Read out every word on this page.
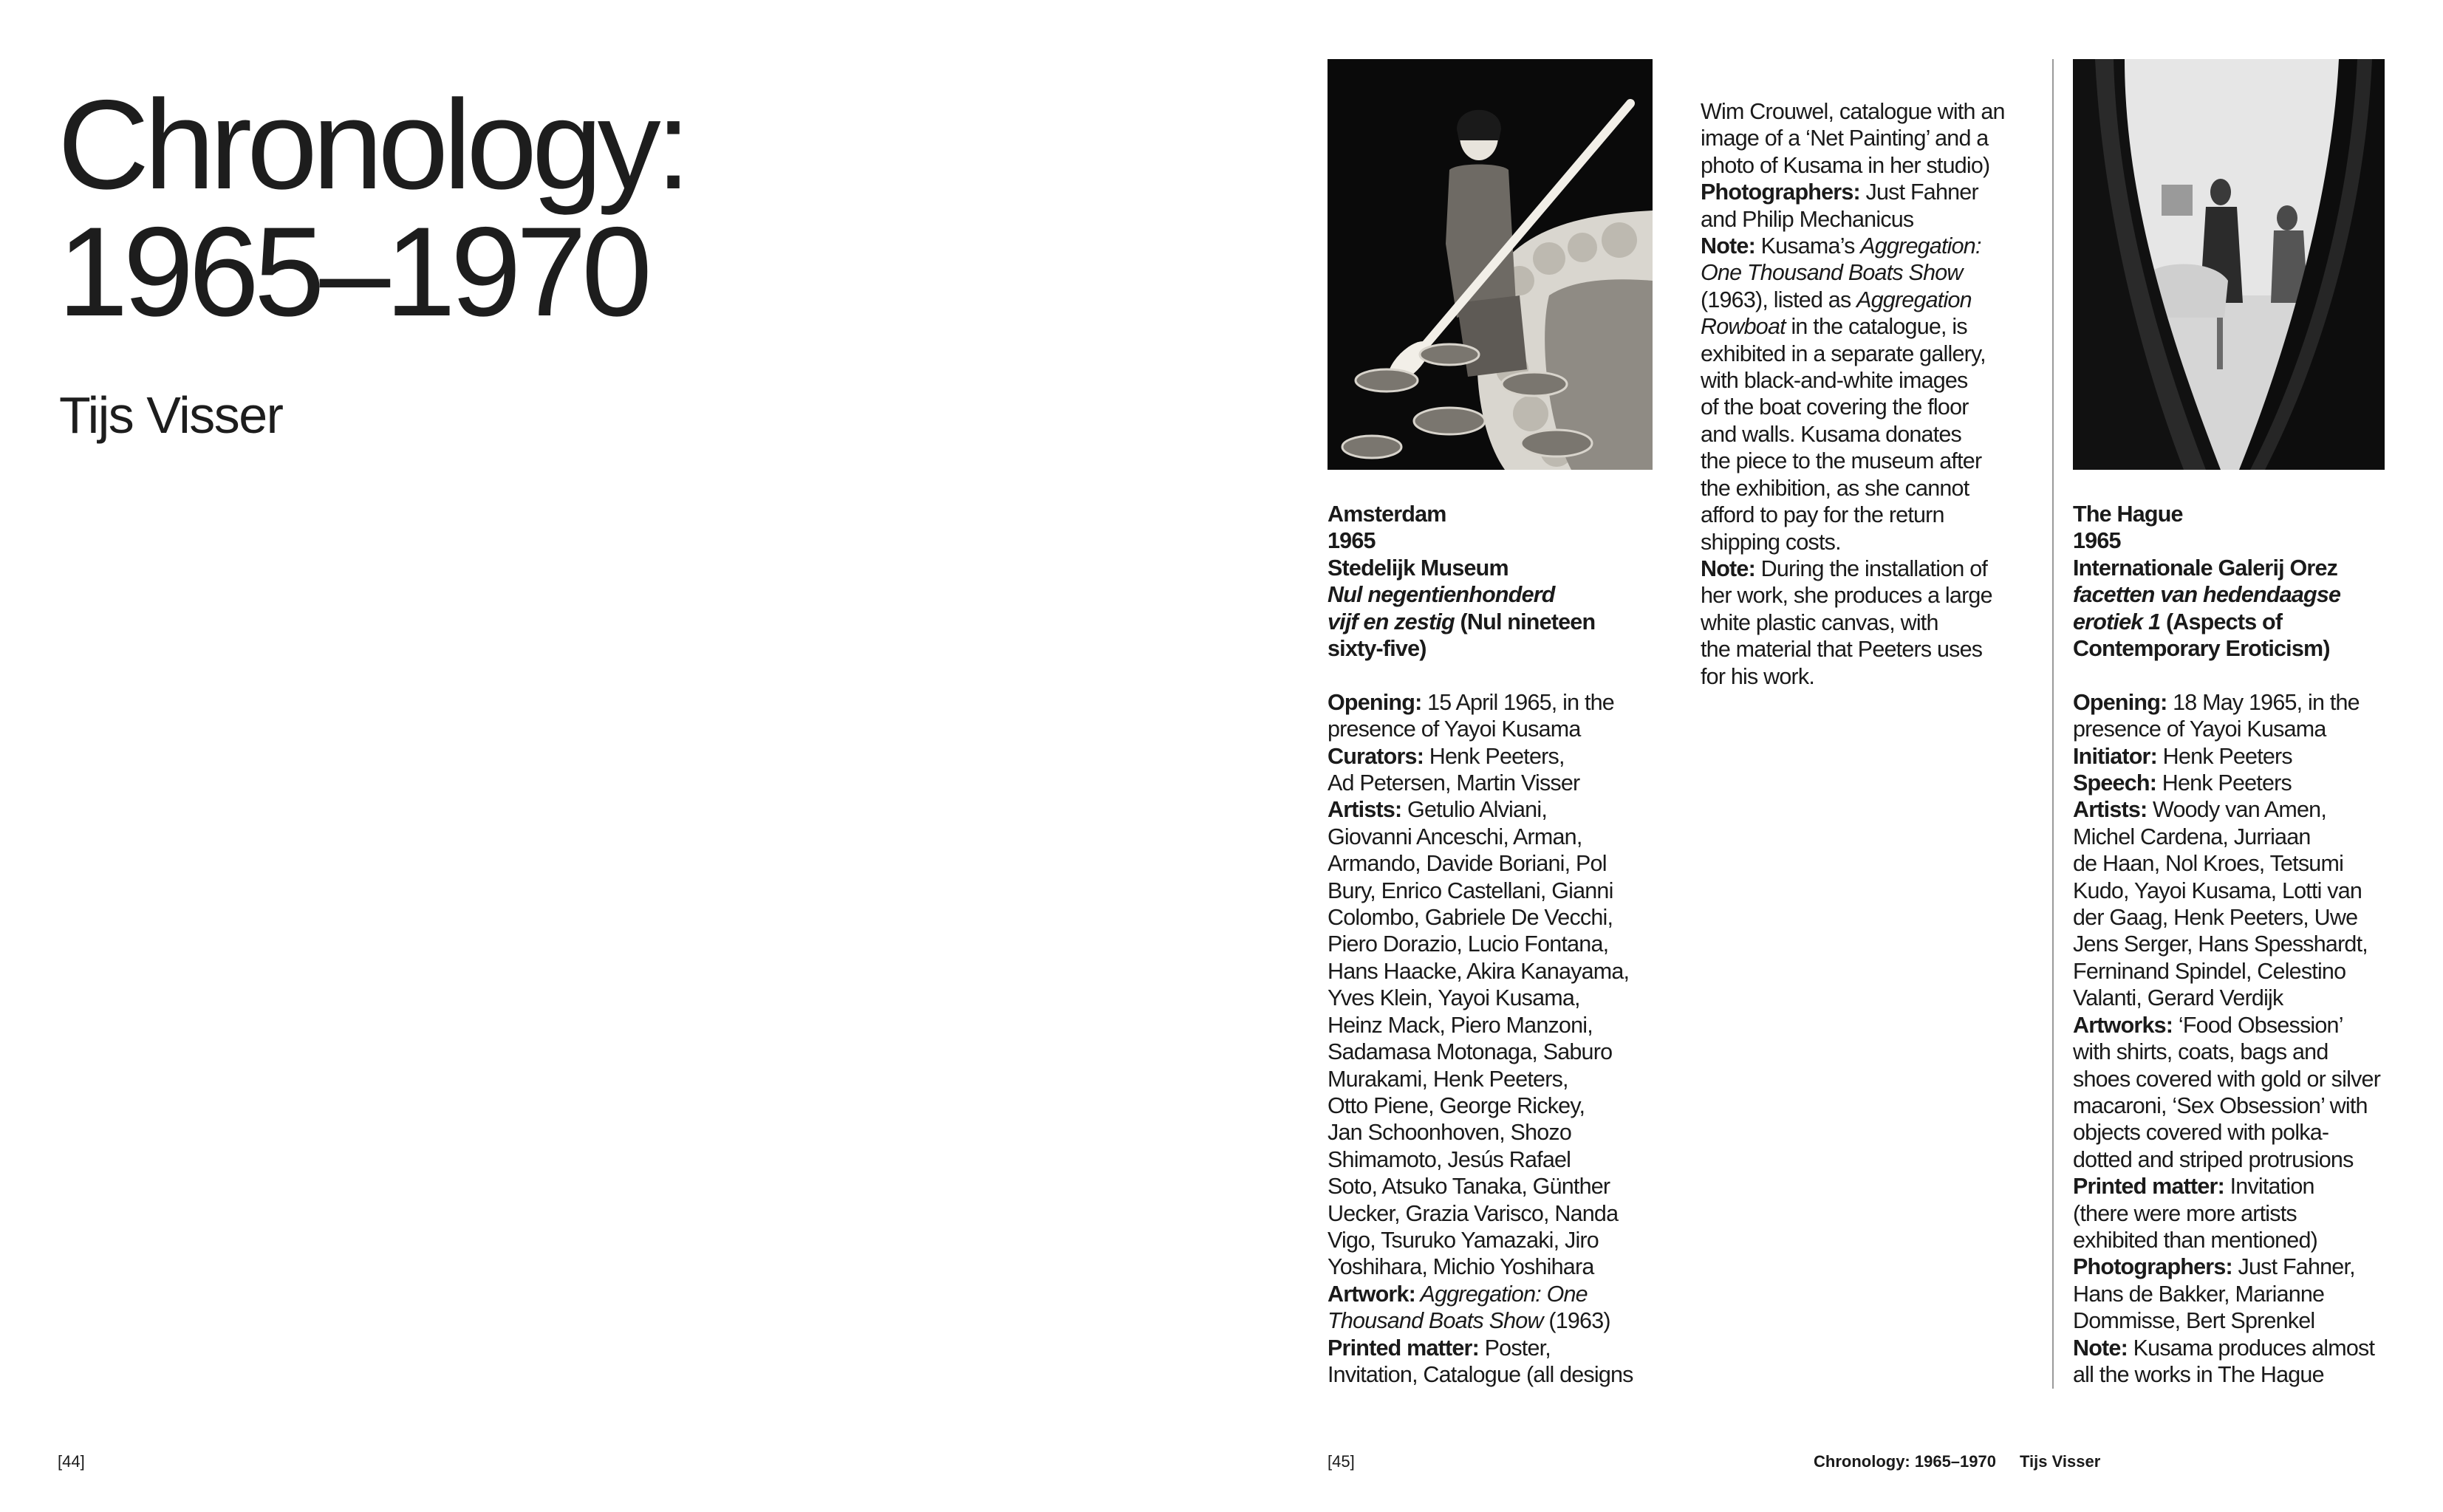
Chronology:
1965–1970
Tijs Visser
[44]
Amsterdam
1965
Stedelijk Museum
Nul negentienhonderd
vijf en zestig (Nul nineteen
sixty-five)
Opening: 15 April 1965, in the
presence of Yayoi Kusama
Curators: Henk Peeters,
Ad Petersen, Martin Visser
Artists: Getulio Alviani,
Giovanni Anceschi, Arman,
Armando, Davide Boriani, Pol
Bury, Enrico Castellani, Gianni
Colombo, Gabriele De Vecchi,
Piero Dorazio, Lucio Fontana,
Hans Haacke, Akira Kanayama,
Yves Klein, Yayoi Kusama,
Heinz Mack, Piero Manzoni,
Sadamasa Motonaga, Saburo
Murakami, Henk Peeters,
Otto Piene, George Rickey,
Jan Schoonhoven, Shozo
Shimamoto, Jesús Rafael
Soto, Atsuko Tanaka, Günther
Uecker, Grazia Varisco, Nanda
Vigo, Tsuruko Yamazaki, Jiro
Yoshihara, Michio Yoshihara
Artwork: Aggregation: One
Thousand Boats Show (1963)
Printed matter: Poster,
Invitation, Catalogue (all designs
Wim Crouwel, catalogue with an
image of a ‘Net Painting’ and a
photo of Kusama in her studio)
Photographers: Just Fahner
and Philip Mechanicus
Note: Kusama’s Aggregation:
One Thousand Boats Show
(1963), listed as Aggregation
Rowboat in the catalogue, is
exhibited in a separate gallery,
with black-and-white images
of the boat covering the floor
and walls. Kusama donates
the piece to the museum after
the exhibition, as she cannot
afford to pay for the return
shipping costs.
Note: During the installation of
her work, she produces a large
white plastic canvas, with
the material that Peeters uses
for his work.
The Hague
1965
Internationale Galerij Orez
facetten van hedendaagse
erotiek 1 (Aspects of
Contemporary Eroticism)
Opening: 18 May 1965, in the
presence of Yayoi Kusama
Initiator: Henk Peeters
Speech: Henk Peeters
Artists: Woody van Amen,
Michel Cardena, Jurriaan
de Haan, Nol Kroes, Tetsumi
Kudo, Yayoi Kusama, Lotti van
der Gaag, Henk Peeters, Uwe
Jens Serger, Hans Spesshardt,
Ferninand Spindel, Celestino
Valanti, Gerard Verdijk
Artworks: ‘Food Obsession’
with shirts, coats, bags and
shoes covered with gold or silver
macaroni, ‘Sex Obsession’ with
objects covered with polka-
dotted and striped protrusions
Printed matter: Invitation
(there were more artists
exhibited than mentioned)
Photographers: Just Fahner,
Hans de Bakker, Marianne
Dommisse, Bert Sprenkel
Note: Kusama produces almost
all the works in The Hague
[45]	Chronology: 1965–1970 Tijs Visser
